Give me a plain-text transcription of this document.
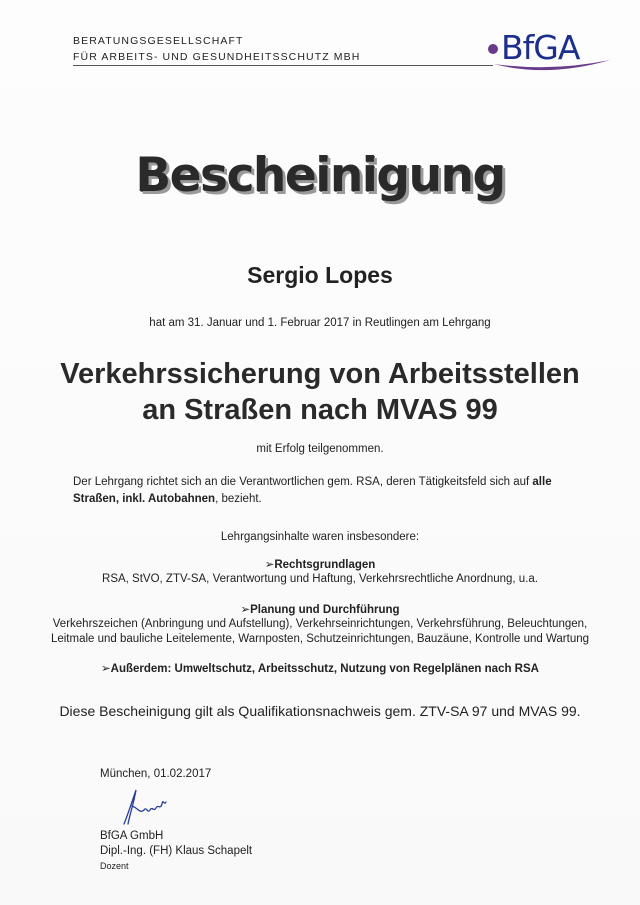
BERATUNGSGESELLSCHAFT
FÜR ARBEITS- UND GESUNDHEITSSCHUTZ MBH	BfGA
Bescheinigung
Sergio Lopes
hat am 31. Januar und 1. Februar 2017 in Reutlingen am Lehrgang
Verkehrssicherung von Arbeitsstellen
an Straßen nach MVAS 99
mit Erfolg teilgenommen.
Der Lehrgang richtet sich an die Verantwortlichen gem. RSA, deren Tätigkeitsfeld sich auf alle Straßen, inkl. Autobahnen, bezieht.
Lehrgangsinhalte waren insbesondere:
➢Rechtsgrundlagen
RSA, StVO, ZTV-SA, Verantwortung und Haftung, Verkehrsrechtliche Anordnung, u.a.
➢Planung und Durchführung
Verkehrszeichen (Anbringung und Aufstellung), Verkehrseinrichtungen, Verkehrsführung, Beleuchtungen, Leitmale und bauliche Leitelemente, Warnposten, Schutzeinrichtungen, Bauzäune, Kontrolle und Wartung
➢Außerdem: Umweltschutz, Arbeitsschutz, Nutzung von Regelplänen nach RSA
Diese Bescheinigung gilt als Qualifikationsnachweis gem. ZTV-SA 97 und MVAS 99.
München, 01.02.2017
BfGA GmbH
Dipl.-Ing. (FH) Klaus Schapelt
Dozent
